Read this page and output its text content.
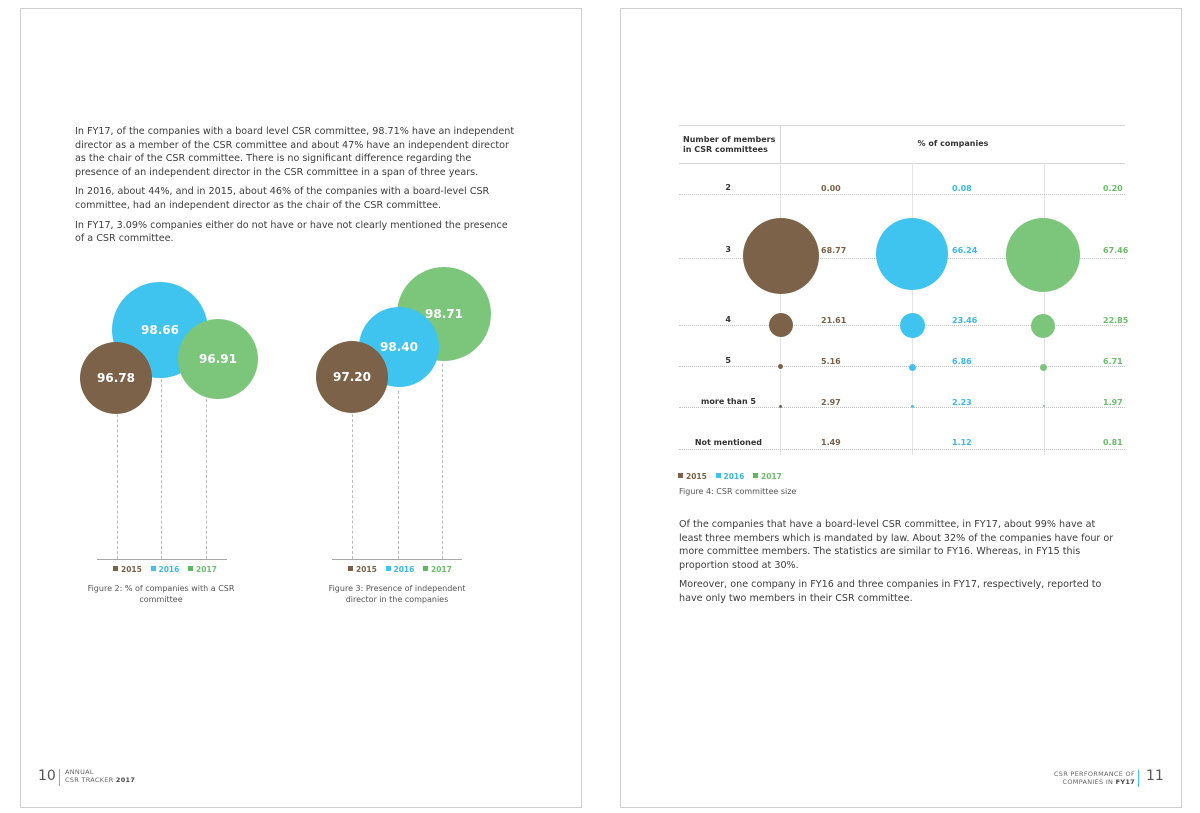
In FY17, of the companies with a board level CSR committee, 98.71% have an independent director as a member of the CSR committee and about 47% have an independent director as the chair of the CSR committee. There is no significant difference regarding the presence of an independent director in the CSR committee in a span of three years.

In 2016, about 44%, and in 2015, about 46% of the companies with a board-level CSR committee, had an independent director as the chair of the CSR committee.

In FY17, 3.09% companies either do not have or have not clearly mentioned the presence of a CSR committee.

98.66
96.91
96.78
2015 2016 2017
Figure 2: % of companies with a CSR committee
98.71
98.40
97.20
2015 2016 2017
Figure 3: Presence of independent director in the companies
10 ANNUAL
CSR TRACKER 2017
Number of members in CSR committees
% of companies
2
3
4
5
more than 5
Not mentioned
0.00
68.77
21.61
5.16
2.97
1.49
0.08
66.24
23.46
6.86
2.23
1.12
0.20
67.46
22.85
6.71
1.97
0.81
2015 2016 2017
Figure 4: CSR committee size

Of the companies that have a board-level CSR committee, in FY17, about 99% have at least three members which is mandated by law. About 32% of the companies have four or more committee members. The statistics are similar to FY16. Whereas, in FY15 this proportion stood at 30%.

Moreover, one company in FY16 and three companies in FY17, respectively, reported to have only two members in their CSR committee.

CSR PERFORMANCE OF
COMPANIES IN FY17 11
